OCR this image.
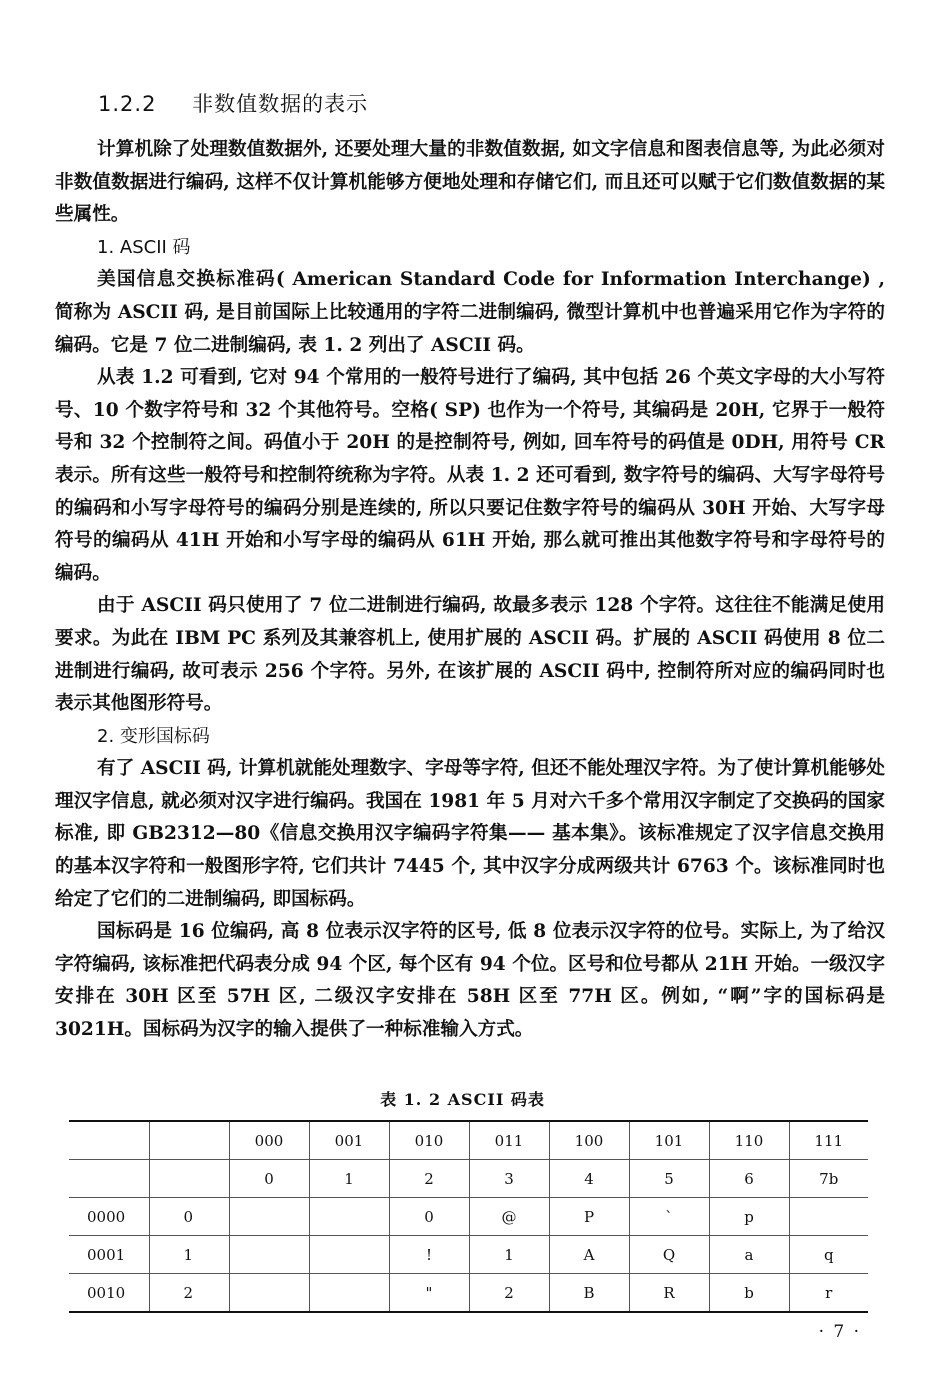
1.2.2 非数值数据的表示

计算机除了处理数值数据外, 还要处理大量的非数值数据, 如文字信息和图表信息等, 为此必须对非数值数据进行编码, 这样不仅计算机能够方便地处理和存储它们, 而且还可以赋于它们数值数据的某些属性。

1. ASCII 码

美国信息交换标准码( American Standard Code for Information Interchange) , 简称为 ASCII 码, 是目前国际上比较通用的字符二进制编码, 微型计算机中也普遍采用它作为字符的编码。它是 7 位二进制编码, 表 1. 2 列出了 ASCII 码。

从表 1.2 可看到, 它对 94 个常用的一般符号进行了编码, 其中包括 26 个英文字母的大小写符号、10 个数字符号和 32 个其他符号。空格( SP) 也作为一个符号, 其编码是 20H, 它界于一般符号和 32 个控制符之间。码值小于 20H 的是控制符号, 例如, 回车符号的码值是 0DH, 用符号 CR 表示。所有这些一般符号和控制符统称为字符。从表 1. 2 还可看到, 数字符号的编码、大写字母符号的编码和小写字母符号的编码分别是连续的, 所以只要记住数字符号的编码从 30H 开始、大写字母符号的编码从 41H 开始和小写字母的编码从 61H 开始, 那么就可推出其他数字符号和字母符号的编码。

由于 ASCII 码只使用了 7 位二进制进行编码, 故最多表示 128 个字符。这往往不能满足使用要求。为此在 IBM PC 系列及其兼容机上, 使用扩展的 ASCII 码。扩展的 ASCII 码使用 8 位二进制进行编码, 故可表示 256 个字符。另外, 在该扩展的 ASCII 码中, 控制符所对应的编码同时也表示其他图形符号。

2. 变形国标码

有了 ASCII 码, 计算机就能处理数字、字母等字符, 但还不能处理汉字符。为了使计算机能够处理汉字信息, 就必须对汉字进行编码。我国在 1981 年 5 月对六千多个常用汉字制定了交换码的国家标准, 即 GB2312—80《信息交换用汉字编码字符集—— 基本集》。该标准规定了汉字信息交换用的基本汉字符和一般图形字符, 它们共计 7445 个, 其中汉字分成两级共计 6763 个。该标准同时也给定了它们的二进制编码, 即国标码。

国标码是 16 位编码, 高 8 位表示汉字符的区号, 低 8 位表示汉字符的位号。实际上, 为了给汉字符编码, 该标准把代码表分成 94 个区, 每个区有 94 个位。区号和位号都从 21H 开始。一级汉字安排在 30H 区至 57H 区, 二级汉字安排在 58H 区至 77H 区。例如, “啊”字的国标码是 3021H。国标码为汉字的输入提供了一种标准输入方式。

表 1. 2 ASCII 码表
		000	001	010	011	100	101	110	111
		0	1	2	3	4	5	6	7b
0000	0			0	@	P	`	p	
0001	1			!	1	A	Q	a	q
0010	2			"	2	B	R	b	r
· 7 ·
